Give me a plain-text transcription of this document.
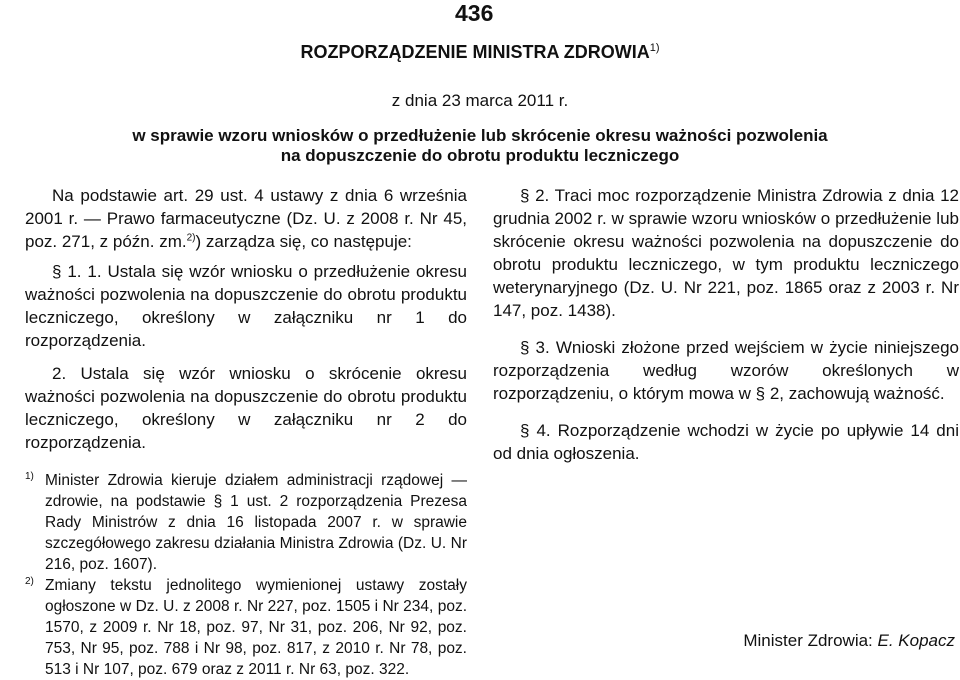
436
ROZPORZĄDZENIE MINISTRA ZDROWIA$^{1)}$
z dnia 23 marca 2011 r.
w sprawie wzoru wniosków o przedłużenie lub skrócenie okresu ważności pozwolenia
na dopuszczenie do obrotu produktu leczniczego

Na podstawie art. 29 ust. 4 ustawy z dnia 6 września 2001 r. — Prawo farmaceutyczne (Dz. U. z 2008 r. Nr 45, poz. 271, z późn. zm.$^{2)}$) zarządza się, co następuje:

§ 1. 1. Ustala się wzór wniosku o przedłużenie okresu ważności pozwolenia na dopuszczenie do obrotu produktu leczniczego, określony w załączniku nr 1 do rozporządzenia.

2. Ustala się wzór wniosku o skrócenie okresu ważności pozwolenia na dopuszczenie do obrotu produktu leczniczego, określony w załączniku nr 2 do rozporządzenia.

1) Minister Zdrowia kieruje działem administracji rządowej — zdrowie, na podstawie § 1 ust. 2 rozporządzenia Prezesa Rady Ministrów z dnia 16 listopada 2007 r. w sprawie szczegółowego zakresu działania Ministra Zdrowia (Dz. U. Nr 216, poz. 1607).
2) Zmiany tekstu jednolitego wymienionej ustawy zostały ogłoszone w Dz. U. z 2008 r. Nr 227, poz. 1505 i Nr 234, poz. 1570, z 2009 r. Nr 18, poz. 97, Nr 31, poz. 206, Nr 92, poz. 753, Nr 95, poz. 788 i Nr 98, poz. 817, z 2010 r. Nr 78, poz. 513 i Nr 107, poz. 679 oraz z 2011 r. Nr 63, poz. 322.

§ 2. Traci moc rozporządzenie Ministra Zdrowia z dnia 12 grudnia 2002 r. w sprawie wzoru wniosków o przedłużenie lub skrócenie okresu ważności pozwolenia na dopuszczenie do obrotu produktu leczniczego, w tym produktu leczniczego weterynaryjnego (Dz. U. Nr 221, poz. 1865 oraz z 2003 r. Nr 147, poz. 1438).

§ 3. Wnioski złożone przed wejściem w życie niniejszego rozporządzenia według wzorów określonych w rozporządzeniu, o którym mowa w § 2, zachowują ważność.

§ 4. Rozporządzenie wchodzi w życie po upływie 14 dni od dnia ogłoszenia.

Minister Zdrowia: E. Kopacz
